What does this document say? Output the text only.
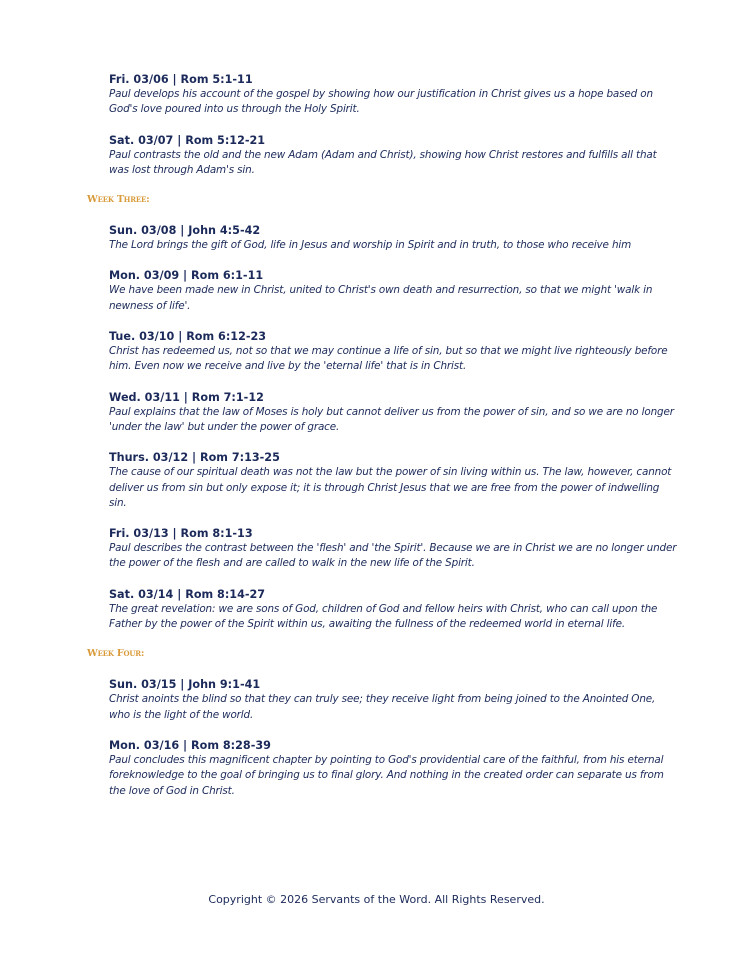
Fri. 03/06 | Rom 5:1-11
Paul develops his account of the gospel by showing how our justification in Christ gives us a hope based on God's love poured into us through the Holy Spirit.
Sat. 03/07 | Rom 5:12-21
Paul contrasts the old and the new Adam (Adam and Christ), showing how Christ restores and fulfills all that was lost through Adam's sin.
Week Three:
Sun. 03/08 | John 4:5-42
The Lord brings the gift of God, life in Jesus and worship in Spirit and in truth, to those who receive him
Mon. 03/09 | Rom 6:1-11
We have been made new in Christ, united to Christ's own death and resurrection, so that we might 'walk in newness of life'.
Tue. 03/10 | Rom 6:12-23
Christ has redeemed us, not so that we may continue a life of sin, but so that we might live righteously before him. Even now we receive and live by the 'eternal life' that is in Christ.
Wed. 03/11 | Rom 7:1-12
Paul explains that the law of Moses is holy but cannot deliver us from the power of sin, and so we are no longer 'under the law' but under the power of grace.
Thurs. 03/12 | Rom 7:13-25
The cause of our spiritual death was not the law but the power of sin living within us. The law, however, cannot deliver us from sin but only expose it; it is through Christ Jesus that we are free from the power of indwelling sin.
Fri. 03/13 | Rom 8:1-13
Paul describes the contrast between the 'flesh' and 'the Spirit'. Because we are in Christ we are no longer under the power of the flesh and are called to walk in the new life of the Spirit.
Sat. 03/14 | Rom 8:14-27
The great revelation: we are sons of God, children of God and fellow heirs with Christ, who can call upon the Father by the power of the Spirit within us, awaiting the fullness of the redeemed world in eternal life.
Week Four:
Sun. 03/15 | John 9:1-41
Christ anoints the blind so that they can truly see; they receive light from being joined to the Anointed One, who is the light of the world.
Mon. 03/16 | Rom 8:28-39
Paul concludes this magnificent chapter by pointing to God's providential care of the faithful, from his eternal foreknowledge to the goal of bringing us to final glory. And nothing in the created order can separate us from the love of God in Christ.
Copyright © 2026 Servants of the Word. All Rights Reserved.
